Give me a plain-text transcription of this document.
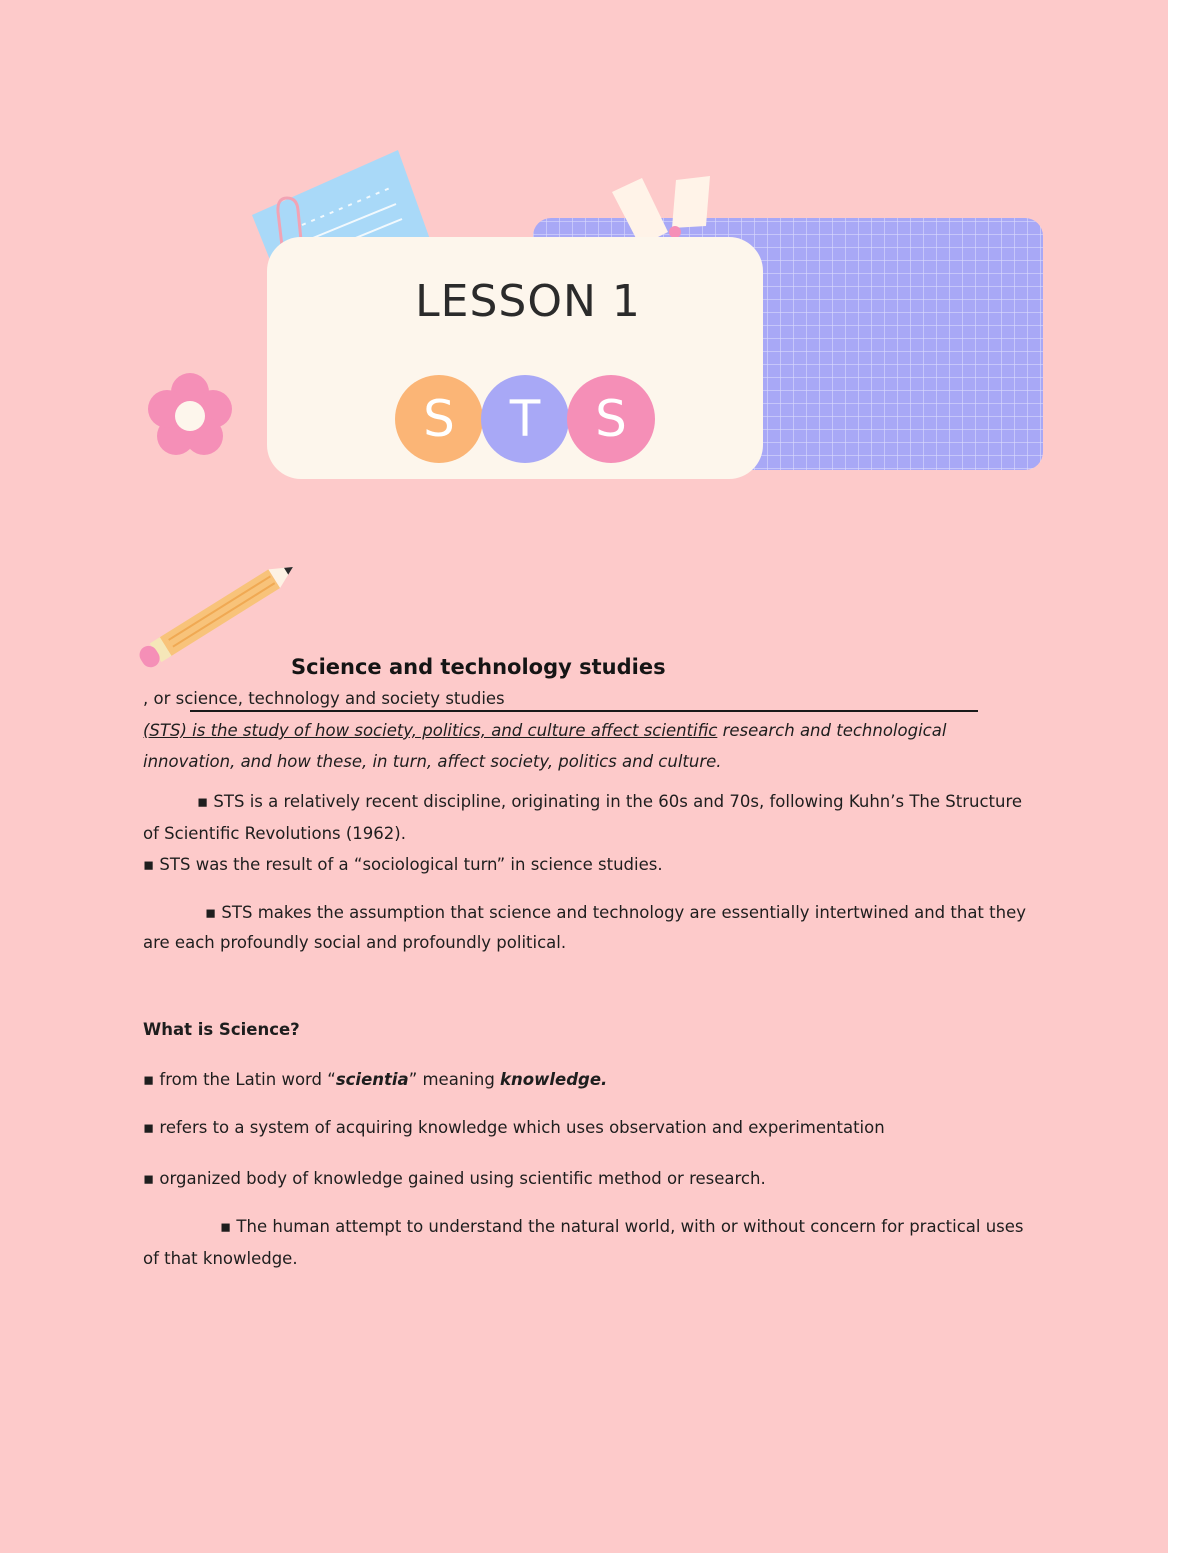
LESSON 1
S	T	S
Science and technology studies
, or science, technology and society studies
(STS) is the study of how society, politics, and culture affect scientific research and technological
innovation, and how these, in turn, affect society, politics and culture.
▪ STS is a relatively recent discipline, originating in the 60s and 70s, following Kuhn’s The Structure
of Scientific Revolutions (1962).
▪ STS was the result of a “sociological turn” in science studies.
▪ STS makes the assumption that science and technology are essentially intertwined and that they
are each profoundly social and profoundly political.
What is Science?
▪ from the Latin word “scientia” meaning knowledge.
▪ refers to a system of acquiring knowledge which uses observation and experimentation
▪ organized body of knowledge gained using scientific method or research.
▪ The human attempt to understand the natural world, with or without concern for practical uses
of that knowledge.
